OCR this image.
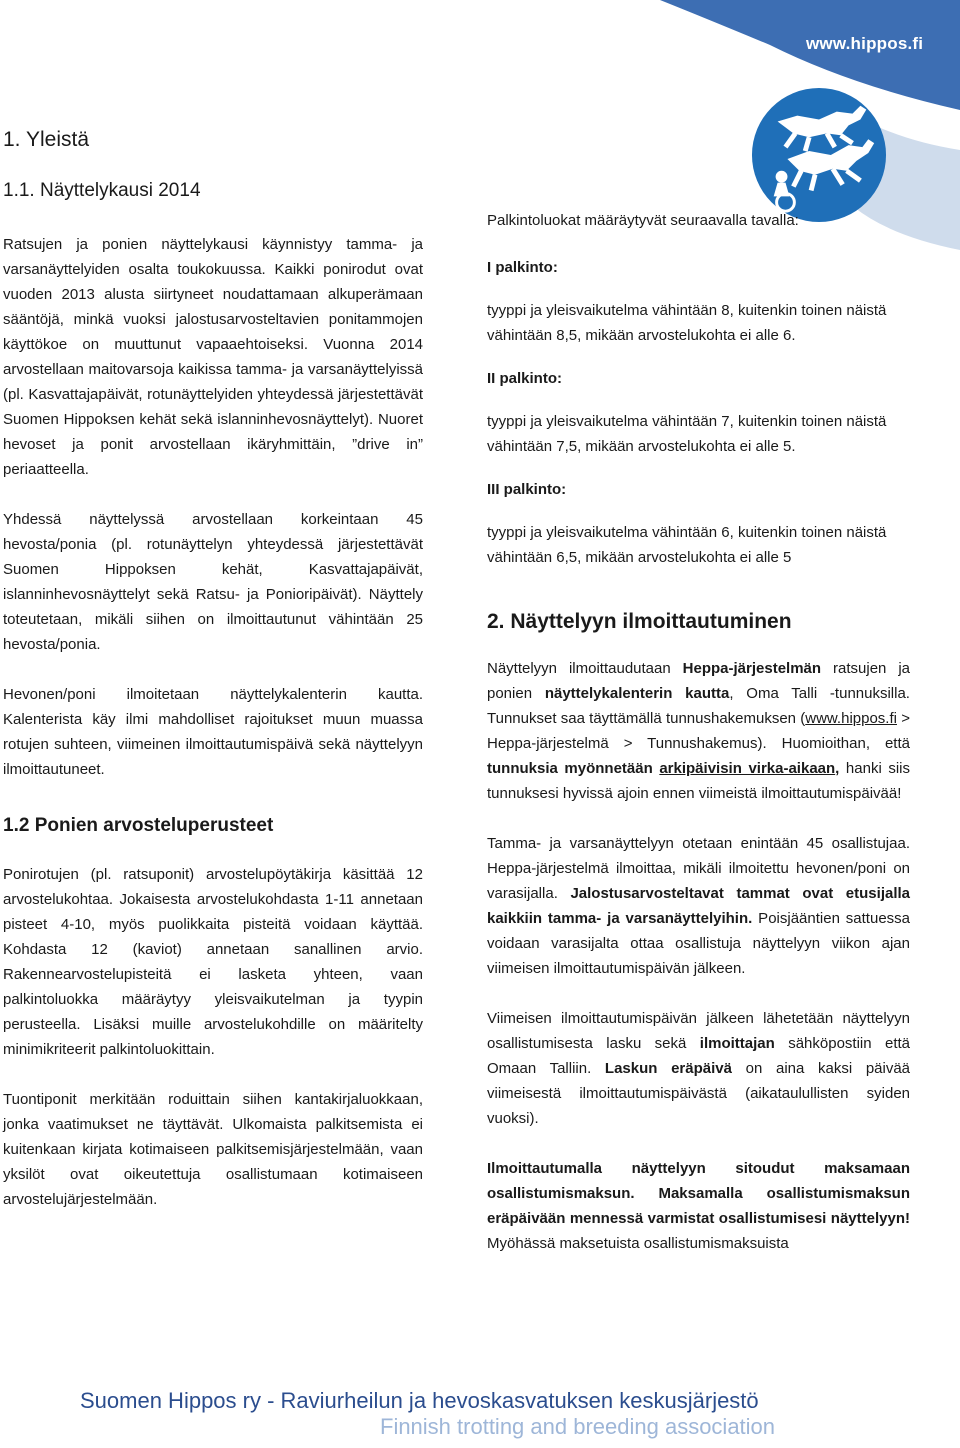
www.hippos.fi
1. Yleistä
1.1. Näyttelykausi 2014

Ratsujen ja ponien näyttelykausi käynnistyy tamma- ja varsanäyttelyiden osalta toukokuussa. Kaikki ponirodut ovat vuoden 2013 alusta siirtyneet noudattamaan alkuperämaan sääntöjä, minkä vuoksi jalostusarvosteltavien ponitammojen käyttökoe on muuttunut vapaaehtoiseksi. Vuonna 2014 arvostellaan maitovarsoja kaikissa tamma- ja varsanäyttelyissä (pl. Kasvattajapäivät, rotunäyttelyiden yhteydessä järjestettävät Suomen Hippoksen kehät sekä islanninhevosnäyttelyt). Nuoret hevoset ja ponit arvostellaan ikäryhmittäin, ”drive in” periaatteella.

Yhdessä näyttelyssä arvostellaan korkeintaan 45 hevosta/ponia (pl. rotunäyttelyn yhteydessä järjestettävät Suomen Hippoksen kehät, Kasvattajapäivät, islanninhevosnäyttelyt sekä Ratsu- ja Ponioripäivät). Näyttely toteutetaan, mikäli siihen on ilmoittautunut vähintään 25 hevosta/ponia.

Hevonen/poni ilmoitetaan näyttelykalenterin kautta. Kalenterista käy ilmi mahdolliset rajoitukset muun muassa rotujen suhteen, viimeinen ilmoittautumispäivä sekä näyttelyyn ilmoittautuneet.

1.2 Ponien arvosteluperusteet

Ponirotujen (pl. ratsuponit) arvostelupöytäkirja käsittää 12 arvostelukohtaa. Jokaisesta arvostelukohdasta 1-11 annetaan pisteet 4-10, myös puolikkaita pisteitä voidaan käyttää. Kohdasta 12 (kaviot) annetaan sanallinen arvio. Rakennearvostelupisteitä ei lasketa yhteen, vaan palkintoluokka määräytyy yleisvaikutelman ja tyypin perusteella. Lisäksi muille arvostelukohdille on määritelty minimikriteerit palkintoluokittain.

Tuontiponit merkitään roduittain siihen kantakirjaluokkaan, jonka vaatimukset ne täyttävät. Ulkomaista palkitsemista ei kuitenkaan kirjata kotimaiseen palkitsemisjärjestelmään, vaan yksilöt ovat oikeutettuja osallistumaan kotimaiseen arvostelujärjestelmään.

Palkintoluokat määräytyvät seuraavalla tavalla:

I palkinto:

tyyppi ja yleisvaikutelma vähintään 8, kuitenkin toinen näistä vähintään 8,5, mikään arvostelukohta ei alle 6.

II palkinto:

tyyppi ja yleisvaikutelma vähintään 7, kuitenkin toinen näistä vähintään 7,5, mikään arvostelukohta ei alle 5.

III palkinto:

tyyppi ja yleisvaikutelma vähintään 6, kuitenkin toinen näistä vähintään 6,5, mikään arvostelukohta ei alle 5

2. Näyttelyyn ilmoittautuminen

Näyttelyyn ilmoittaudutaan Heppa-järjestelmän ratsujen ja ponien näyttelykalenterin kautta, Oma Talli -tunnuksilla. Tunnukset saa täyttämällä tunnushakemuksen (www.hippos.fi > Heppa-järjestelmä > Tunnushakemus). Huomioithan, että tunnuksia myönnetään arkipäivisin virka-aikaan, hanki siis tunnuksesi hyvissä ajoin ennen viimeistä ilmoittautumispäivää!

Tamma- ja varsanäyttelyyn otetaan enintään 45 osallistujaa. Heppa-järjestelmä ilmoittaa, mikäli ilmoitettu hevonen/poni on varasijalla. Jalostusarvosteltavat tammat ovat etusijalla kaikkiin tamma- ja varsanäyttelyihin. Poisjääntien sattuessa voidaan varasijalta ottaa osallistuja näyttelyyn viikon ajan viimeisen ilmoittautumispäivän jälkeen.

Viimeisen ilmoittautumispäivän jälkeen lähetetään näyttelyyn osallistumisesta lasku sekä ilmoittajan sähköpostiin että Omaan Talliin. Laskun eräpäivä on aina kaksi päivää viimeisestä ilmoittautumispäivästä (aikataulullisten syiden vuoksi).

Ilmoittautumalla näyttelyyn sitoudut maksamaan osallistumismaksun. Maksamalla osallistumismaksun eräpäivään mennessä varmistat osallistumisesi näyttelyyn! Myöhässä maksetuista osallistumismaksuista

Suomen Hippos ry - Raviurheilun ja hevoskasvatuksen keskusjärjestö
Finnish trotting and breeding association
